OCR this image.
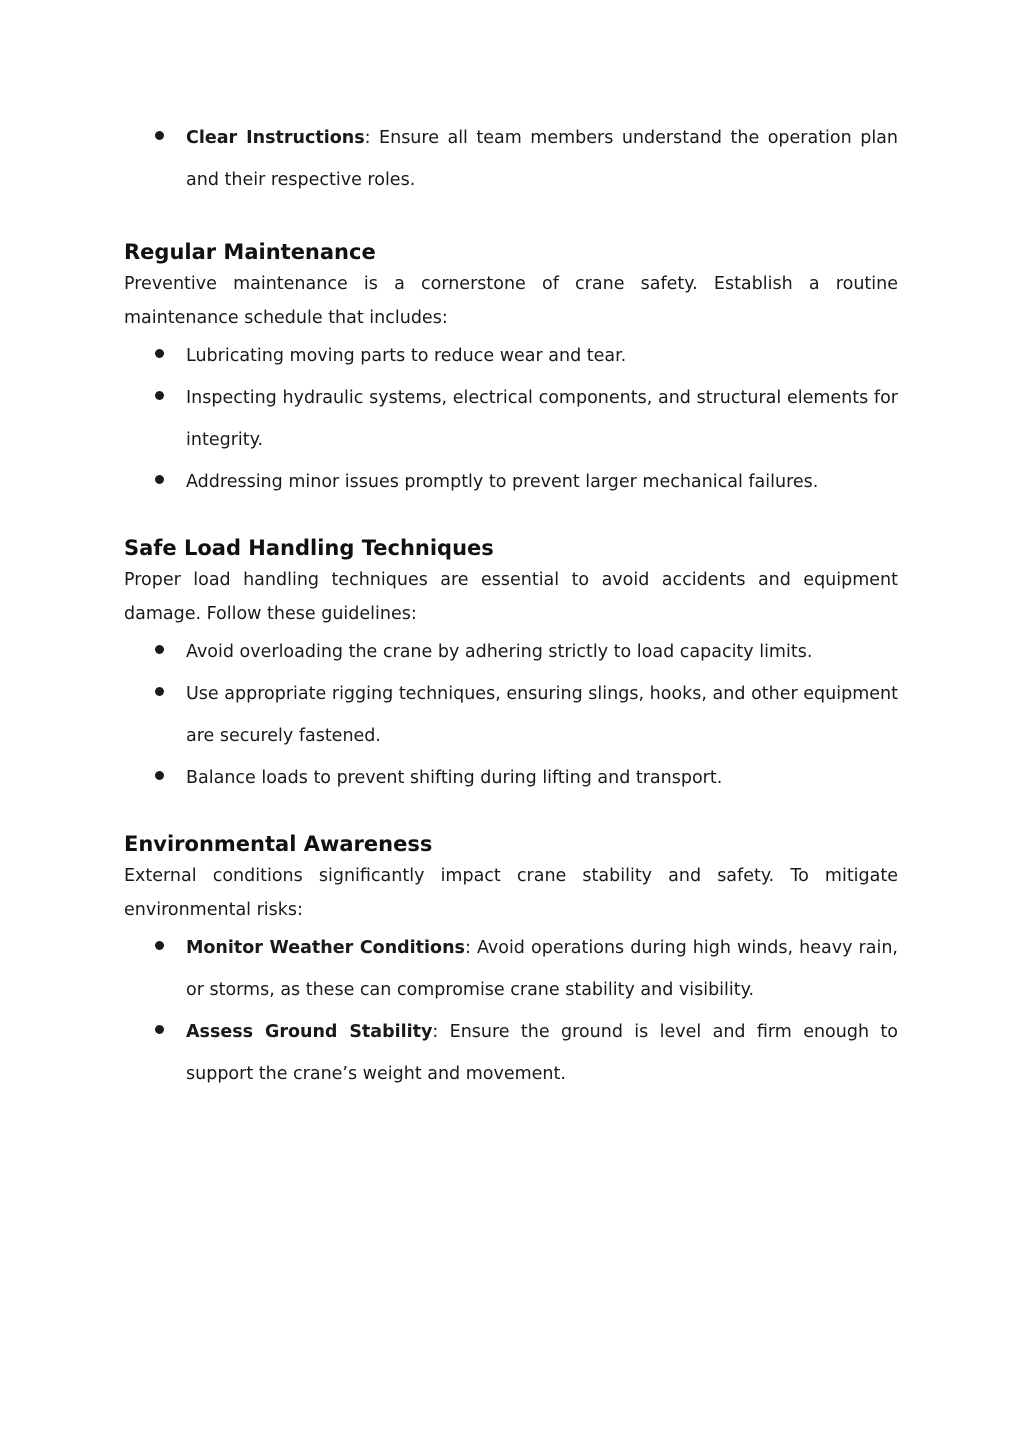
Clear Instructions: Ensure all team members understand the operation plan and their respective roles.
Regular Maintenance

Preventive maintenance is a cornerstone of crane safety. Establish a routine maintenance schedule that includes:

Lubricating moving parts to reduce wear and tear.
Inspecting hydraulic systems, electrical components, and structural elements for integrity.
Addressing minor issues promptly to prevent larger mechanical failures.
Safe Load Handling Techniques

Proper load handling techniques are essential to avoid accidents and equipment damage. Follow these guidelines:

Avoid overloading the crane by adhering strictly to load capacity limits.
Use appropriate rigging techniques, ensuring slings, hooks, and other equipment are securely fastened.
Balance loads to prevent shifting during lifting and transport.
Environmental Awareness

External conditions significantly impact crane stability and safety. To mitigate environmental risks:

Monitor Weather Conditions: Avoid operations during high winds, heavy rain, or storms, as these can compromise crane stability and visibility.
Assess Ground Stability: Ensure the ground is level and firm enough to support the crane’s weight and movement.
